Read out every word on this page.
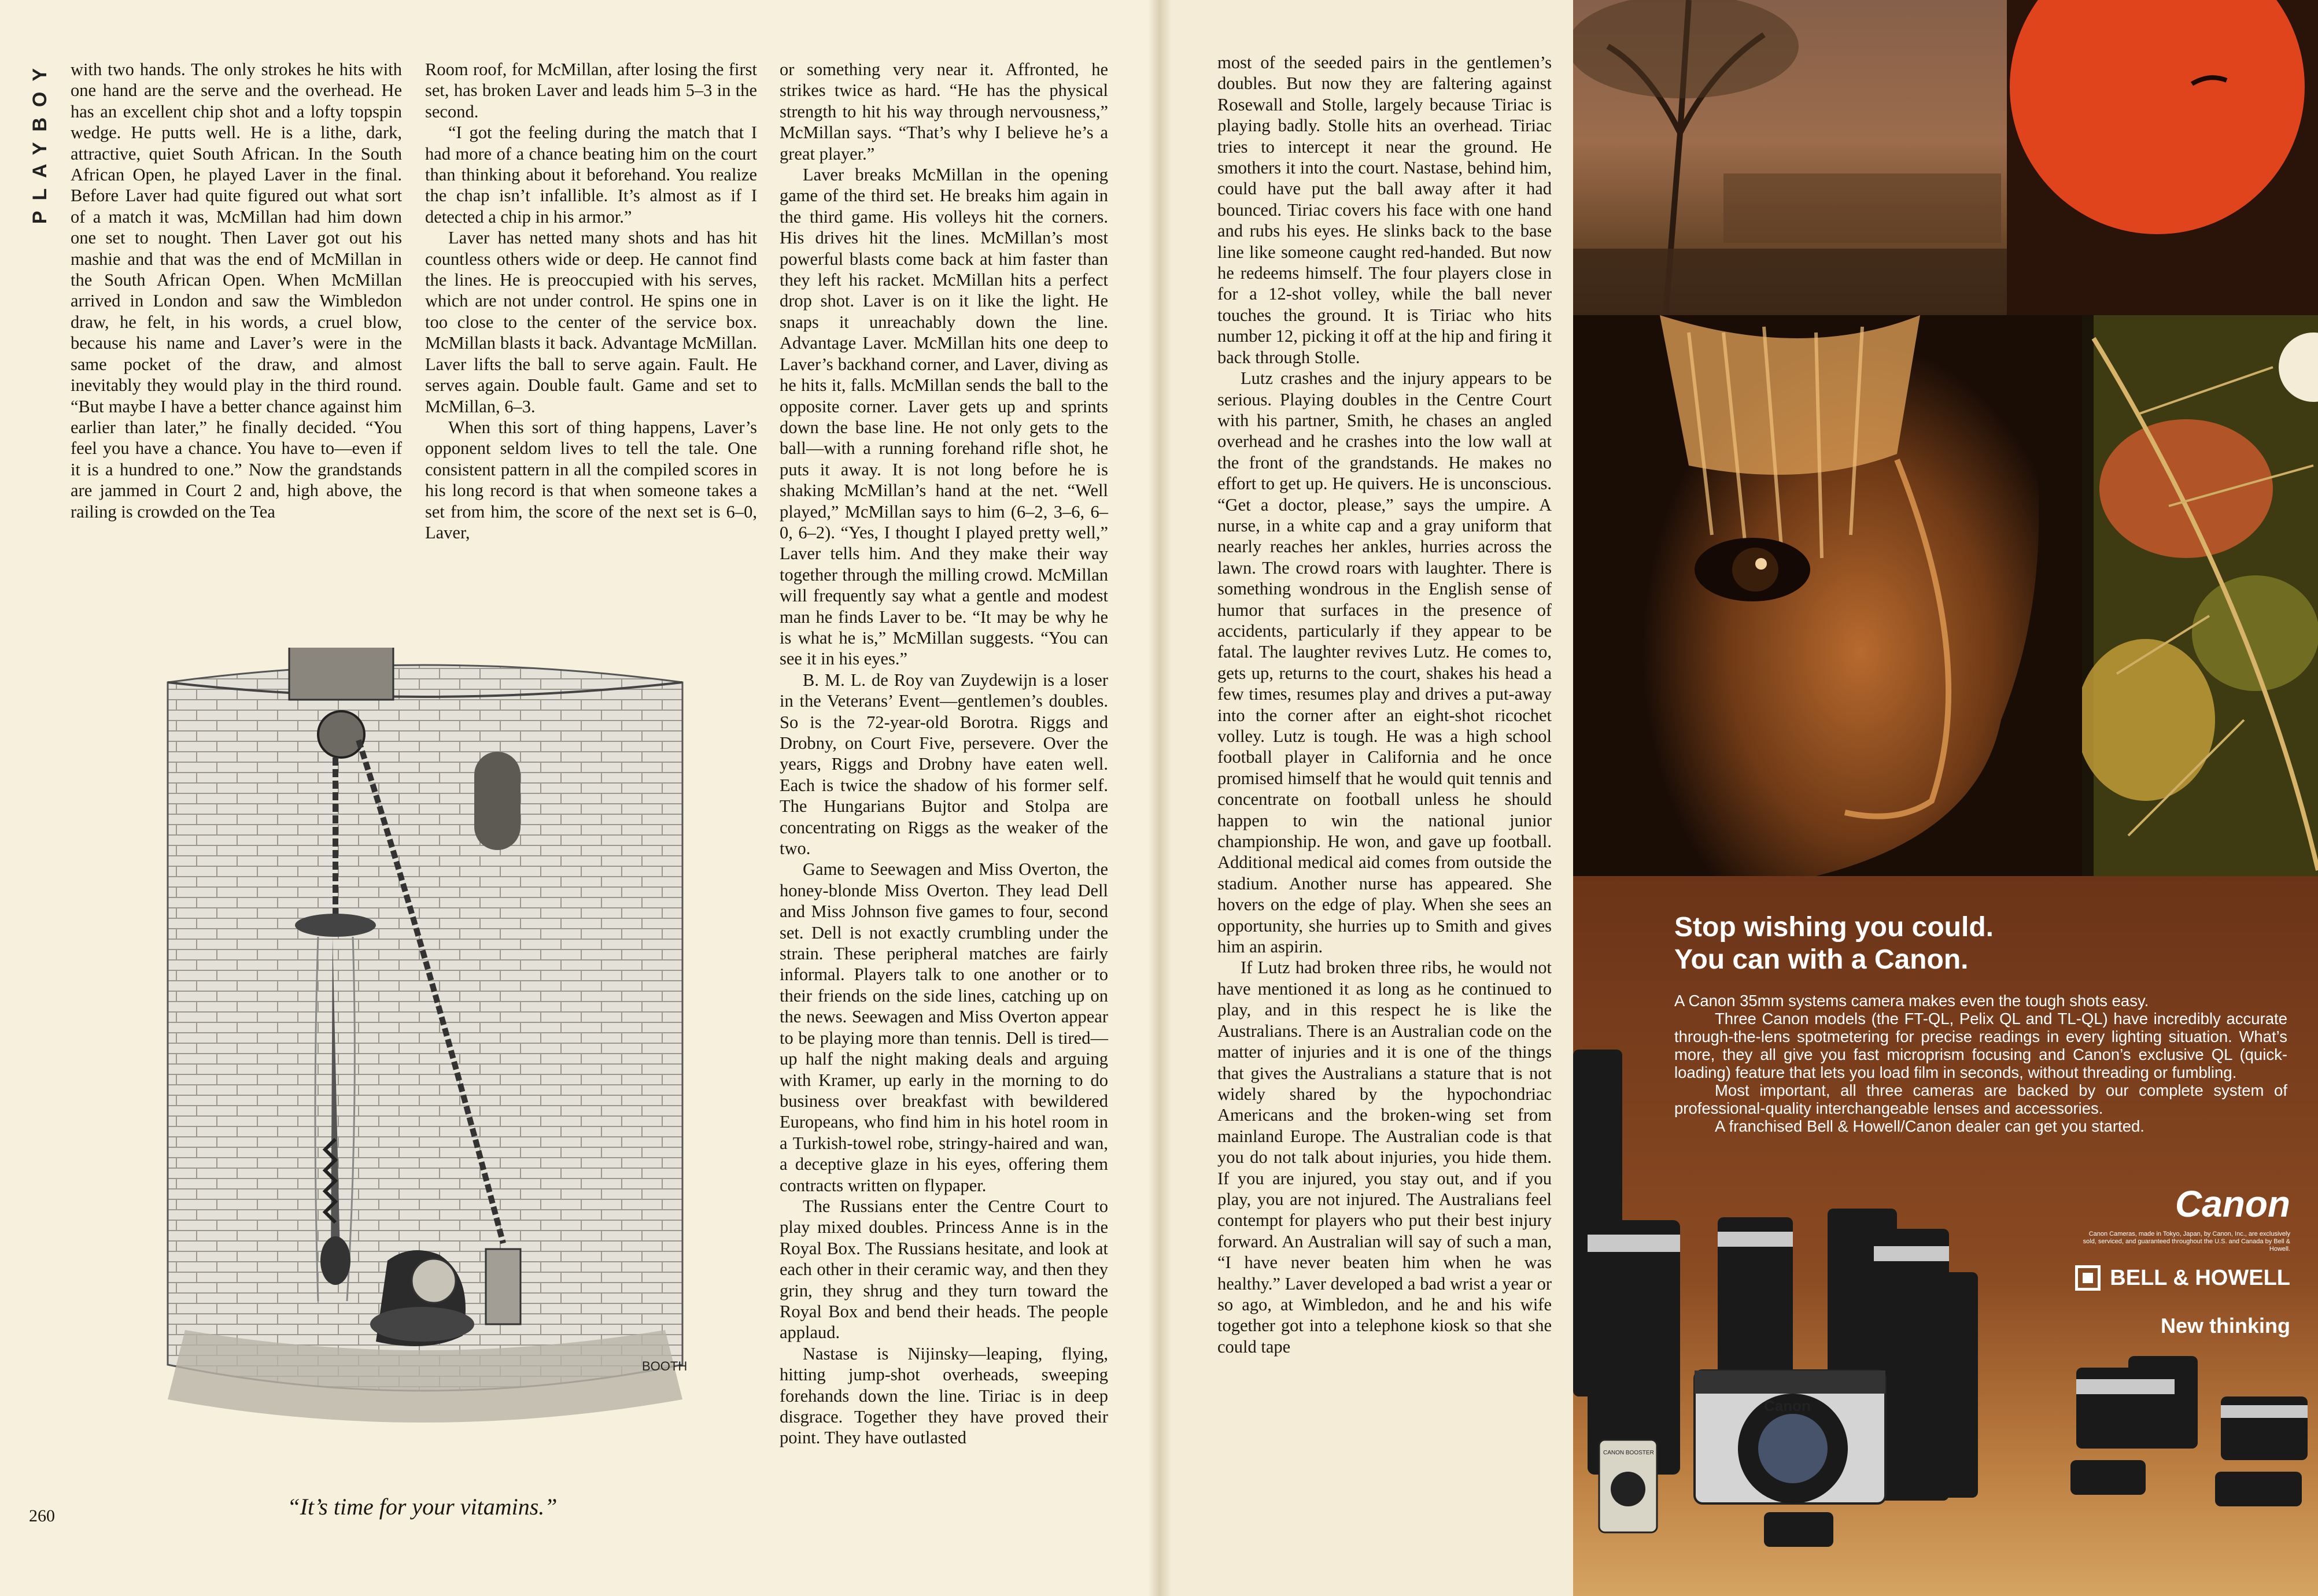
PLAYBOY with two hands. The only strokes he hits with one hand are the serve and the overhead. He has an excellent chip shot and a lofty topspin wedge. He putts well. He is a lithe, dark, attractive, quiet South African. In the South African Open, he played Laver in the final. Before Laver had quite figured out what sort of a match it was, McMillan had him down one set to nought. Then Laver got out his mashie and that was the end of McMillan in the South African Open. When McMillan arrived in London and saw the Wimbledon draw, he felt, in his words, a cruel blow, because his name and Laver’s were in the same pocket of the draw, and almost inevitably they would play in the third round. “But maybe I have a better chance against him earlier than later,” he finally decided. “You feel you have a chance. You have to—even if it is a hundred to one.” Now the grandstands are jammed in Court 2 and, high above, the railing is crowded on the Tea

Room roof, for McMillan, after losing the first set, has broken Laver and leads him 5–3 in the second.

“I got the feeling during the match that I had more of a chance beating him on the court than thinking about it beforehand. You realize the chap isn’t infallible. It’s almost as if I detected a chip in his armor.”

Laver has netted many shots and has hit countless others wide or deep. He cannot find the lines. He is preoccupied with his serves, which are not under control. He spins one in too close to the center of the service box. McMillan blasts it back. Advantage McMillan. Laver lifts the ball to serve again. Fault. He serves again. Double fault. Game and set to McMillan, 6–3.

When this sort of thing happens, Laver’s opponent seldom lives to tell the tale. One consistent pattern in all the compiled scores in his long record is that when someone takes a set from him, the score of the next set is 6–0, Laver,

BOOTH
“It’s time for your vitamins.”
260

or something very near it. Affronted, he strikes twice as hard. “He has the physical strength to hit his way through nervousness,” McMillan says. “That’s why I believe he’s a great player.”

Laver breaks McMillan in the opening game of the third set. He breaks him again in the third game. His volleys hit the corners. His drives hit the lines. McMillan’s most powerful blasts come back at him faster than they left his racket. McMillan hits a perfect drop shot. Laver is on it like the light. He snaps it unreachably down the line. Advantage Laver. McMillan hits one deep to Laver’s backhand corner, and Laver, diving as he hits it, falls. McMillan sends the ball to the opposite corner. Laver gets up and sprints down the base line. He not only gets to the ball—with a running forehand rifle shot, he puts it away. It is not long before he is shaking McMillan’s hand at the net. “Well played,” McMillan says to him (6–2, 3–6, 6–0, 6–2). “Yes, I thought I played pretty well,” Laver tells him. And they make their way together through the milling crowd. McMillan will frequently say what a gentle and modest man he finds Laver to be. “It may be why he is what he is,” McMillan suggests. “You can see it in his eyes.”

B. M. L. de Roy van Zuydewijn is a loser in the Veterans’ Event—gentlemen’s doubles. So is the 72-year-old Borotra. Riggs and Drobny, on Court Five, persevere. Over the years, Riggs and Drobny have eaten well. Each is twice the shadow of his former self. The Hungarians Bujtor and Stolpa are concentrating on Riggs as the weaker of the two.

Game to Seewagen and Miss Overton, the honey-blonde Miss Overton. They lead Dell and Miss Johnson five games to four, second set. Dell is not exactly crumbling under the strain. These peripheral matches are fairly informal. Players talk to one another or to their friends on the side lines, catching up on the news. Seewagen and Miss Overton appear to be playing more than tennis. Dell is tired—up half the night making deals and arguing with Kramer, up early in the morning to do business over breakfast with bewildered Europeans, who find him in his hotel room in a Turkish-towel robe, stringy-haired and wan, a deceptive glaze in his eyes, offering them contracts written on flypaper.

The Russians enter the Centre Court to play mixed doubles. Princess Anne is in the Royal Box. The Russians hesitate, and look at each other in their ceramic way, and then they grin, they shrug and they turn toward the Royal Box and bend their heads. The people applaud.

Nastase is Nijinsky—leaping, flying, hitting jump-shot overheads, sweeping forehands down the line. Tiriac is in deep disgrace. Together they have proved their point. They have outlasted

most of the seeded pairs in the gentlemen’s doubles. But now they are faltering against Rosewall and Stolle, largely because Tiriac is playing badly. Stolle hits an overhead. Tiriac tries to intercept it near the ground. He smothers it into the court. Nastase, behind him, could have put the ball away after it had bounced. Tiriac covers his face with one hand and rubs his eyes. He slinks back to the base line like someone caught red-handed. But now he redeems himself. The four players close in for a 12-shot volley, while the ball never touches the ground. It is Tiriac who hits number 12, picking it off at the hip and firing it back through Stolle.

Lutz crashes and the injury appears to be serious. Playing doubles in the Centre Court with his partner, Smith, he chases an angled overhead and he crashes into the low wall at the front of the grandstands. He makes no effort to get up. He quivers. He is unconscious. “Get a doctor, please,” says the umpire. A nurse, in a white cap and a gray uniform that nearly reaches her ankles, hurries across the lawn. The crowd roars with laughter. There is something wondrous in the English sense of humor that surfaces in the presence of accidents, particularly if they appear to be fatal. The laughter revives Lutz. He comes to, gets up, returns to the court, shakes his head a few times, resumes play and drives a put-away into the corner after an eight-shot ricochet volley. Lutz is tough. He was a high school football player in California and he once promised himself that he would quit tennis and concentrate on football unless he should happen to win the national junior championship. He won, and gave up football. Additional medical aid comes from outside the stadium. Another nurse has appeared. She hovers on the edge of play. When she sees an opportunity, she hurries up to Smith and gives him an aspirin.

If Lutz had broken three ribs, he would not have mentioned it as long as he continued to play, and in this respect he is like the Australians. There is an Australian code on the matter of injuries and it is one of the things that gives the Australians a stature that is not widely shared by the hypochondriac Americans and the broken-wing set from mainland Europe. The Australian code is that you do not talk about injuries, you hide them. If you are injured, you stay out, and if you play, you are not injured. The Australians feel contempt for players who put their best injury forward. An Australian will say of such a man, “I have never beaten him when he was healthy.” Laver developed a bad wrist a year or so ago, at Wimbledon, and he and his wife together got into a telephone kiosk so that she could tape

Canon
CANON BOOSTER
Stop wishing you could.
You can with a Canon.

A Canon 35mm systems camera makes even the tough shots easy.

Three Canon models (the FT-QL, Pelix QL and TL-QL) have incredibly accurate through-the-lens spotmetering for precise readings in every lighting situation. What’s more, they all give you fast microprism focusing and Canon’s exclusive QL (quick-loading) feature that lets you load film in seconds, without threading or fumbling.

Most important, all three cameras are backed by our complete system of professional-quality interchangeable lenses and accessories.

A franchised Bell & Howell/Canon dealer can get you started.

Canon
Canon Cameras, made in Tokyo, Japan, by Canon, Inc., are exclusively sold, serviced, and guaranteed throughout the U.S. and Canada by Bell & Howell.
BELL & HOWELL
New thinking
